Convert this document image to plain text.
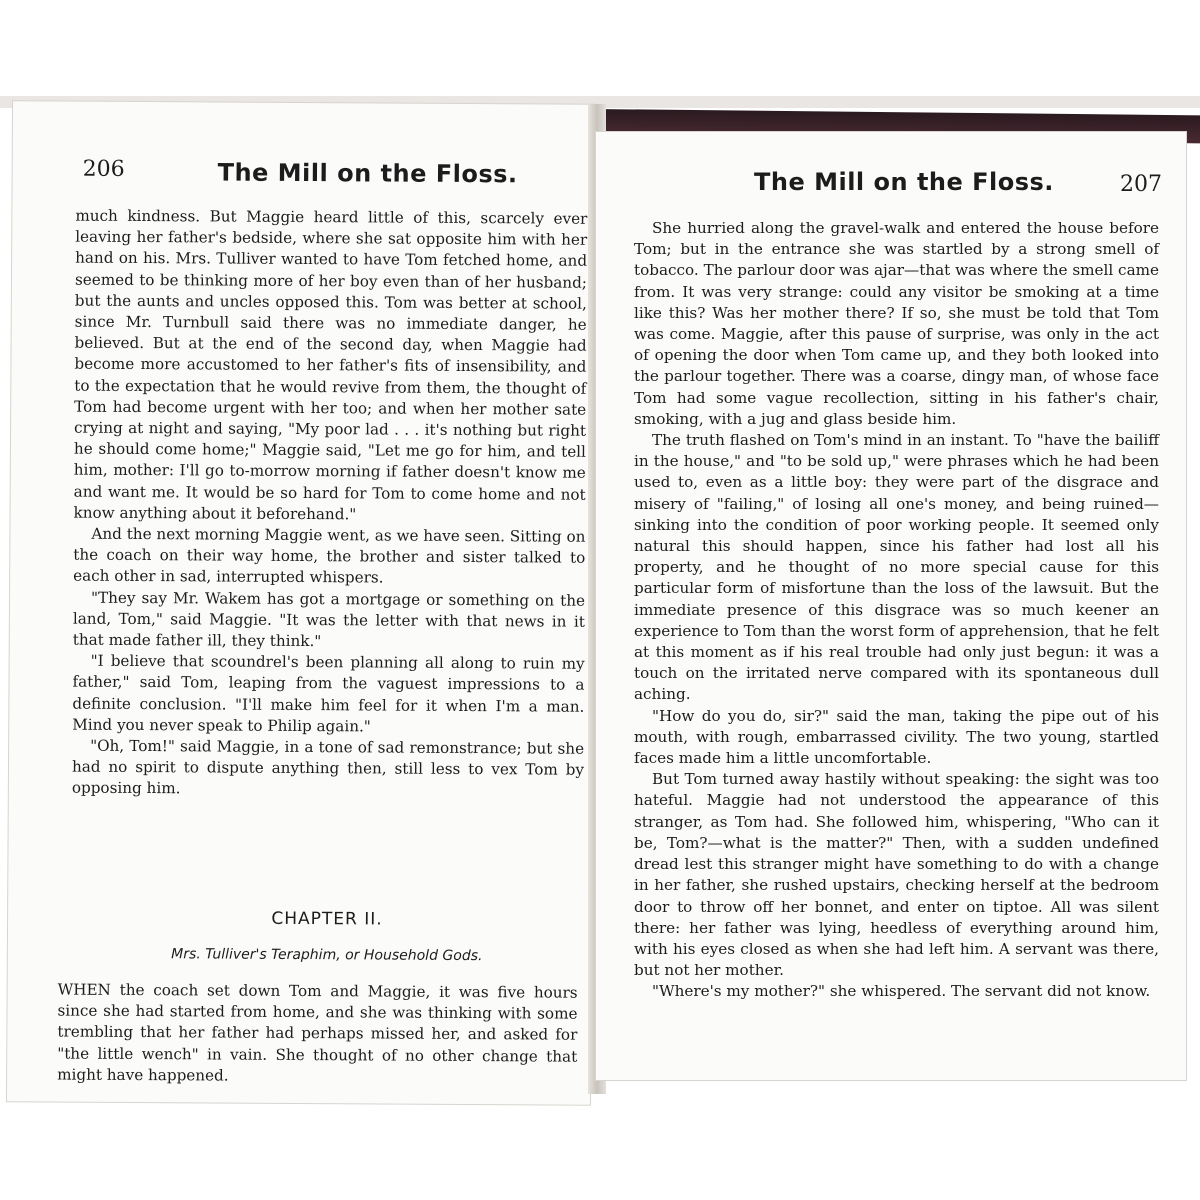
206	The Mill on the Floss.

much kindness. But Maggie heard little of this, scarcely ever leaving her father's bedside, where she sat opposite him with her hand on his. Mrs. Tulliver wanted to have Tom fetched home, and seemed to be thinking more of her boy even than of her husband; but the aunts and uncles opposed this. Tom was better at school, since Mr. Turnbull said there was no immediate danger, he believed. But at the end of the second day, when Maggie had become more accustomed to her father's fits of insensibility, and to the expectation that he would revive from them, the thought of Tom had become urgent with her too; and when her mother sate crying at night and saying, "My poor lad . . . it's nothing but right he should come home;" Maggie said, "Let me go for him, and tell him, mother: I'll go to-morrow morning if father doesn't know me and want me. It would be so hard for Tom to come home and not know anything about it beforehand."

And the next morning Maggie went, as we have seen. Sitting on the coach on their way home, the brother and sister talked to each other in sad, interrupted whispers.

"They say Mr. Wakem has got a mortgage or something on the land, Tom," said Maggie. "It was the letter with that news in it that made father ill, they think."

"I believe that scoundrel's been planning all along to ruin my father," said Tom, leaping from the vaguest impressions to a definite conclusion. "I'll make him feel for it when I'm a man. Mind you never speak to Philip again."

"Oh, Tom!" said Maggie, in a tone of sad remonstrance; but she had no spirit to dispute anything then, still less to vex Tom by opposing him.

CHAPTER II.
Mrs. Tulliver's Teraphim, or Household Gods.

WHEN the coach set down Tom and Maggie, it was five hours since she had started from home, and she was thinking with some trembling that her father had perhaps missed her, and asked for "the little wench" in vain. She thought of no other change that might have happened.

The Mill on the Floss.	207

She hurried along the gravel-walk and entered the house before Tom; but in the entrance she was startled by a strong smell of tobacco. The parlour door was ajar—that was where the smell came from. It was very strange: could any visitor be smoking at a time like this? Was her mother there? If so, she must be told that Tom was come. Maggie, after this pause of surprise, was only in the act of opening the door when Tom came up, and they both looked into the parlour together. There was a coarse, dingy man, of whose face Tom had some vague recollection, sitting in his father's chair, smoking, with a jug and glass beside him.

The truth flashed on Tom's mind in an instant. To "have the bailiff in the house," and "to be sold up," were phrases which he had been used to, even as a little boy: they were part of the disgrace and misery of "failing," of losing all one's money, and being ruined—sinking into the condition of poor working people. It seemed only natural this should happen, since his father had lost all his property, and he thought of no more special cause for this particular form of misfortune than the loss of the lawsuit. But the immediate presence of this disgrace was so much keener an experience to Tom than the worst form of apprehension, that he felt at this moment as if his real trouble had only just begun: it was a touch on the irritated nerve compared with its spontaneous dull aching.

"How do you do, sir?" said the man, taking the pipe out of his mouth, with rough, embarrassed civility. The two young, startled faces made him a little uncomfortable.

But Tom turned away hastily without speaking: the sight was too hateful. Maggie had not understood the appearance of this stranger, as Tom had. She followed him, whispering, "Who can it be, Tom?—what is the matter?" Then, with a sudden undefined dread lest this stranger might have something to do with a change in her father, she rushed upstairs, checking herself at the bedroom door to throw off her bonnet, and enter on tiptoe. All was silent there: her father was lying, heedless of everything around him, with his eyes closed as when she had left him. A servant was there, but not her mother.

"Where's my mother?" she whispered. The servant did not know.
